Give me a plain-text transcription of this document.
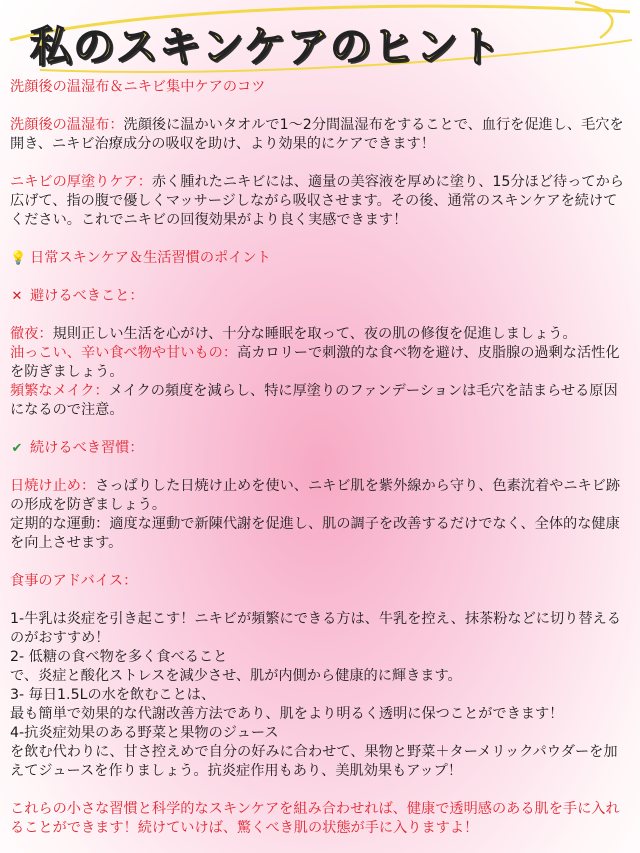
私のスキンケアのヒント

洗顔後の温湿布＆ニキビ集中ケアのコツ

洗顔後の温湿布：洗顔後に温かいタオルで1〜2分間温湿布をすることで、血行を促進し、毛穴を開き、ニキビ治療成分の吸収を助け、より効果的にケアできます！

ニキビの厚塗りケア：赤く腫れたニキビには、適量の美容液を厚めに塗り、15分ほど待ってから広げて、指の腹で優しくマッサージしながら吸収させます。その後、通常のスキンケアを続けてください。これでニキビの回復効果がより良く実感できます！

💡 日常スキンケア＆生活習慣のポイント

✕ 避けるべきこと：

徹夜：規則正しい生活を心がけ、十分な睡眠を取って、夜の肌の修復を促進しましょう。

油っこい、辛い食べ物や甘いもの：高カロリーで刺激的な食べ物を避け、皮脂腺の過剰な活性化を防ぎましょう。

頻繁なメイク：メイクの頻度を減らし、特に厚塗りのファンデーションは毛穴を詰まらせる原因になるので注意。

✔ 続けるべき習慣：

日焼け止め：さっぱりした日焼け止めを使い、ニキビ肌を紫外線から守り、色素沈着やニキビ跡の形成を防ぎましょう。

定期的な運動：適度な運動で新陳代謝を促進し、肌の調子を改善するだけでなく、全体的な健康を向上させます。

食事のアドバイス：

1-牛乳は炎症を引き起こす！ニキビが頻繁にできる方は、牛乳を控え、抹茶粉などに切り替えるのがおすすめ！

2- 低糖の食べ物を多く食べること

で、炎症と酸化ストレスを減少させ、肌が内側から健康的に輝きます。

3- 毎日1.5Lの水を飲むことは、

最も簡単で効果的な代謝改善方法であり、肌をより明るく透明に保つことができます！

4-抗炎症効果のある野菜と果物のジュース

を飲む代わりに、甘さ控えめで自分の好みに合わせて、果物と野菜＋ターメリックパウダーを加えてジュースを作りましょう。抗炎症作用もあり、美肌効果もアップ！

これらの小さな習慣と科学的なスキンケアを組み合わせれば、健康で透明感のある肌を手に入れることができます！続けていけば、驚くべき肌の状態が手に入りますよ！
